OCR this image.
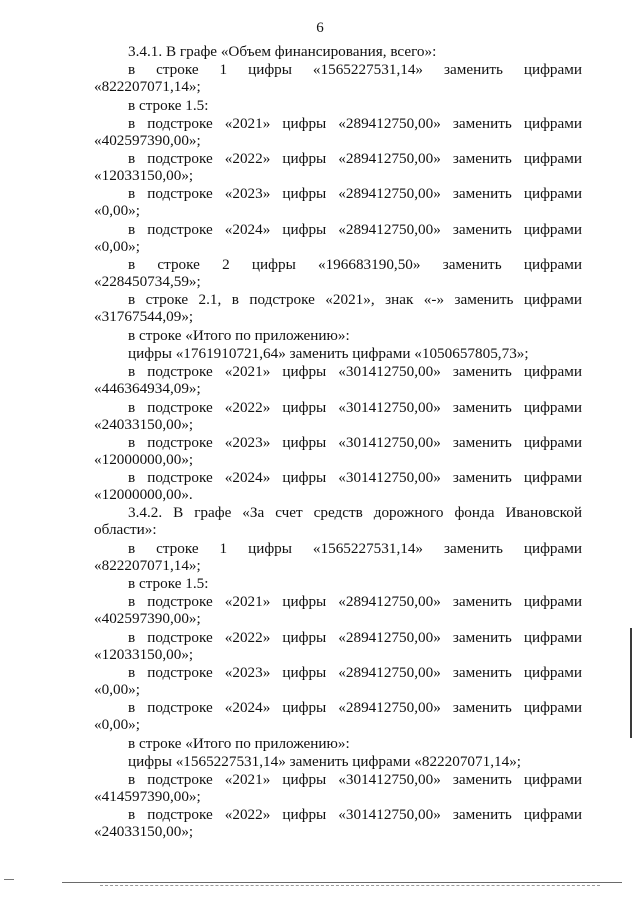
6

3.4.1. В графе «Объем финансирования, всего»:

в строке 1 цифры «1565227531,14» заменить цифрами «822207071,14»;

в строке 1.5:

в подстроке «2021» цифры «289412750,00» заменить цифрами «402597390,00»;

в подстроке «2022» цифры «289412750,00» заменить цифрами «12033150,00»;

в подстроке «2023» цифры «289412750,00» заменить цифрами «0,00»;

в подстроке «2024» цифры «289412750,00» заменить цифрами «0,00»;

в строке 2 цифры «196683190,50» заменить цифрами «228450734,59»;

в строке 2.1, в подстроке «2021», знак «-» заменить цифрами «31767544,09»;

в строке «Итого по приложению»:

цифры «1761910721,64» заменить цифрами «1050657805,73»;

в подстроке «2021» цифры «301412750,00» заменить цифрами «446364934,09»;

в подстроке «2022» цифры «301412750,00» заменить цифрами «24033150,00»;

в подстроке «2023» цифры «301412750,00» заменить цифрами «12000000,00»;

в подстроке «2024» цифры «301412750,00» заменить цифрами «12000000,00».

3.4.2. В графе «За счет средств дорожного фонда Ивановской области»:

в строке 1 цифры «1565227531,14» заменить цифрами «822207071,14»;

в строке 1.5:

в подстроке «2021» цифры «289412750,00» заменить цифрами «402597390,00»;

в подстроке «2022» цифры «289412750,00» заменить цифрами «12033150,00»;

в подстроке «2023» цифры «289412750,00» заменить цифрами «0,00»;

в подстроке «2024» цифры «289412750,00» заменить цифрами «0,00»;

в строке «Итого по приложению»:

цифры «1565227531,14» заменить цифрами «822207071,14»;

в подстроке «2021» цифры «301412750,00» заменить цифрами «414597390,00»;

в подстроке «2022» цифры «301412750,00» заменить цифрами «24033150,00»;
